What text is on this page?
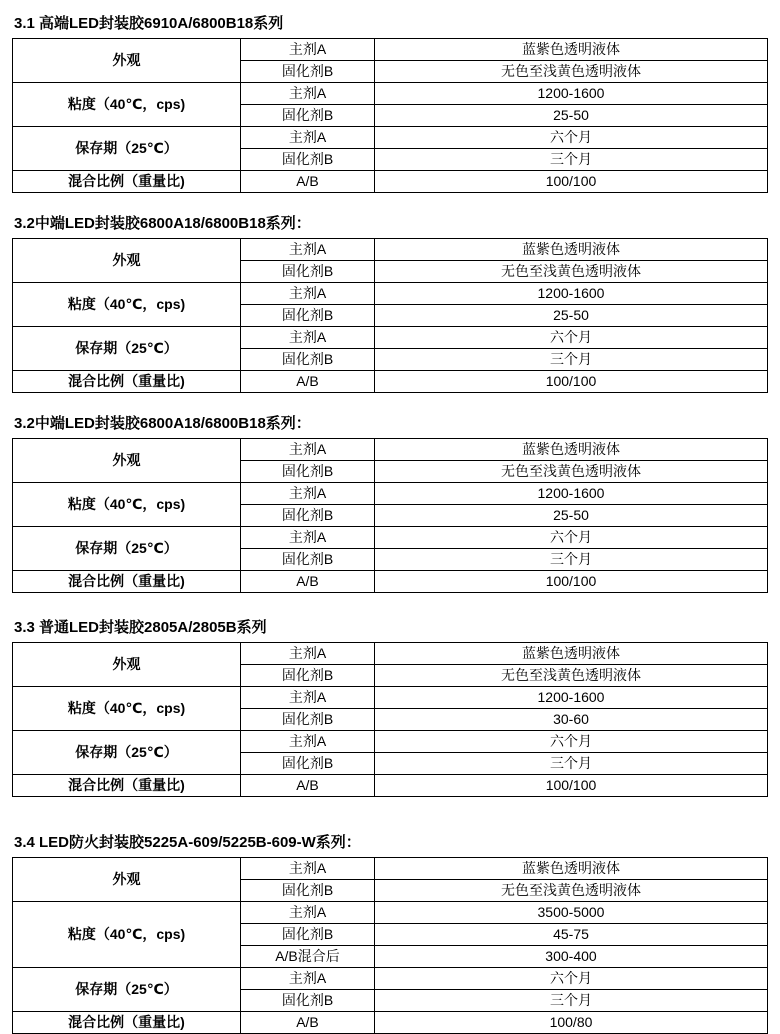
3.1 高端LED封装胶6910A/6800B18系列
外观	主剂A	蓝紫色透明液体
	固化剂B	无色至浅黄色透明液体
粘度（40℃，cps)	主剂A	1200-1600
	固化剂B	25-50
保存期（25℃）	主剂A	六个月
	固化剂B	三个月
混合比例（重量比)	A/B	100/100
3.2中端LED封装胶6800A18/6800B18系列：
外观	主剂A	蓝紫色透明液体
	固化剂B	无色至浅黄色透明液体
粘度（40℃，cps)	主剂A	1200-1600
	固化剂B	25-50
保存期（25℃）	主剂A	六个月
	固化剂B	三个月
混合比例（重量比)	A/B	100/100
3.2中端LED封装胶6800A18/6800B18系列：
外观	主剂A	蓝紫色透明液体
	固化剂B	无色至浅黄色透明液体
粘度（40℃，cps)	主剂A	1200-1600
	固化剂B	25-50
保存期（25℃）	主剂A	六个月
	固化剂B	三个月
混合比例（重量比)	A/B	100/100
3.3 普通LED封装胶2805A/2805B系列
外观	主剂A	蓝紫色透明液体
	固化剂B	无色至浅黄色透明液体
粘度（40℃，cps)	主剂A	1200-1600
	固化剂B	30-60
保存期（25℃）	主剂A	六个月
	固化剂B	三个月
混合比例（重量比)	A/B	100/100
3.4 LED防火封装胶5225A-609/5225B-609-W系列：
外观	主剂A	蓝紫色透明液体
	固化剂B	无色至浅黄色透明液体
粘度（40℃，cps)	主剂A	3500-5000
	固化剂B	45-75
	A/B混合后	300-400
保存期（25℃）	主剂A	六个月
	固化剂B	三个月
混合比例（重量比)	A/B	100/80
